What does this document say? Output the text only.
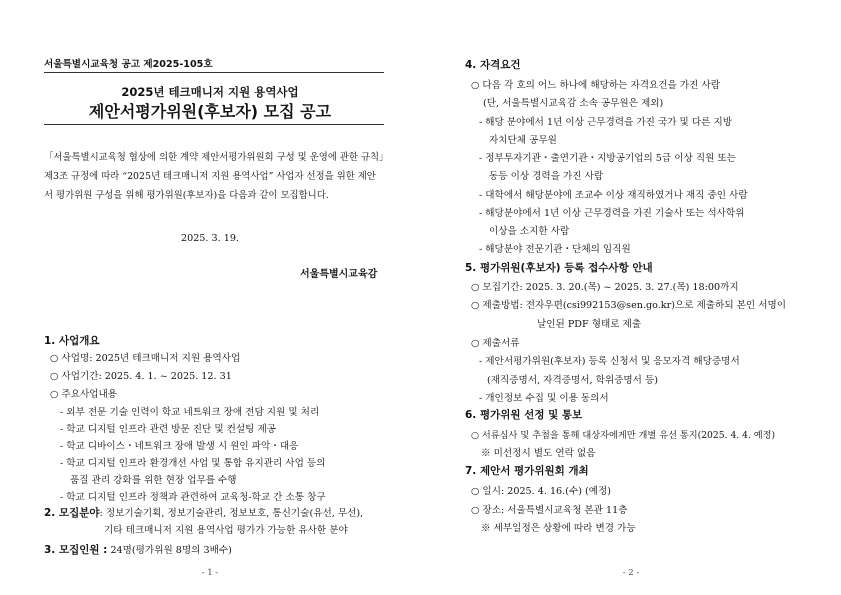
서울특별시교육청 공고 제2025-105호
2025년 테크매니저 지원 용역사업
제안서평가위원(후보자) 모집 공고
「서울특별시교육청 협상에 의한 계약 제안서평가위원회 구성 및 운영에 관한 규칙」제3조 규정에 따라 “2025년 테크매니저 지원 용역사업” 사업자 선정을 위한 제안서 평가위원 구성을 위해 평가위원(후보자)을 다음과 같이 모집합니다.
2025. 3. 19.
서울특별시교육감
1. 사업개요
○ 사업명: 2025년 테크매니저 지원 용역사업
○ 사업기간: 2025. 4. 1. ~ 2025. 12. 31
○ 주요사업내용
- 외부 전문 기술 인력이 학교 네트워크 장애 전담 지원 및 처리
- 학교 디지털 인프라 관련 방문 진단 및 컨설팅 제공
- 학교 디바이스・네트워크 장애 발생 시 원인 파악・대응
- 학교 디지털 인프라 환경개선 사업 및 통합 유지관리 사업 등의
품질 관리 강화를 위한 현장 업무를 수행
- 학교 디지털 인프라 정책과 관련하여 교육청-학교 간 소통 창구
2. 모집분야: 정보기술기획, 정보기술관리, 정보보호, 통신기술(유선, 무선),
기타 테크매니저 지원 용역사업 평가가 가능한 유사한 분야
3. 모집인원 : 24명(평가위원 8명의 3배수)
- 1 -
4. 자격요건
○ 다음 각 호의 어느 하나에 해당하는 자격요건을 가진 사람
(단, 서울특별시교육감 소속 공무원은 제외)
- 해당 분야에서 1년 이상 근무경력을 가진 국가 및 다른 지방
자치단체 공무원
- 정부투자기관・출연기관・지방공기업의 5급 이상 직원 또는
동등 이상 경력을 가진 사람
- 대학에서 해당분야에 조교수 이상 재직하였거나 재직 중인 사람
- 해당분야에서 1년 이상 근무경력을 가진 기술사 또는 석사학위
이상을 소지한 사람
- 해당분야 전문기관・단체의 임직원
5. 평가위원(후보자) 등록 접수사항 안내
○ 모집기간: 2025. 3. 20.(목) ~ 2025. 3. 27.(목) 18:00까지
○ 제출방법: 전자우편(csi992153@sen.go.kr)으로 제출하되 본인 서명이
날인된 PDF 형태로 제출
○ 제출서류
- 제안서평가위원(후보자) 등록 신청서 및 응모자격 해당증명서
(재직증명서, 자격증명서, 학위증명서 등)
- 개인정보 수집 및 이용 동의서
6. 평가위원 선정 및 통보
○ 서류심사 및 추첨을 통해 대상자에게만 개별 유선 통지(2025. 4. 4. 예정)
※ 미선정시 별도 연락 없음
7. 제안서 평가위원회 개최
○ 일시: 2025. 4. 16.(수) (예정)
○ 장소: 서울특별시교육청 본관 11층
※ 세부일정은 상황에 따라 변경 가능
- 2 -
